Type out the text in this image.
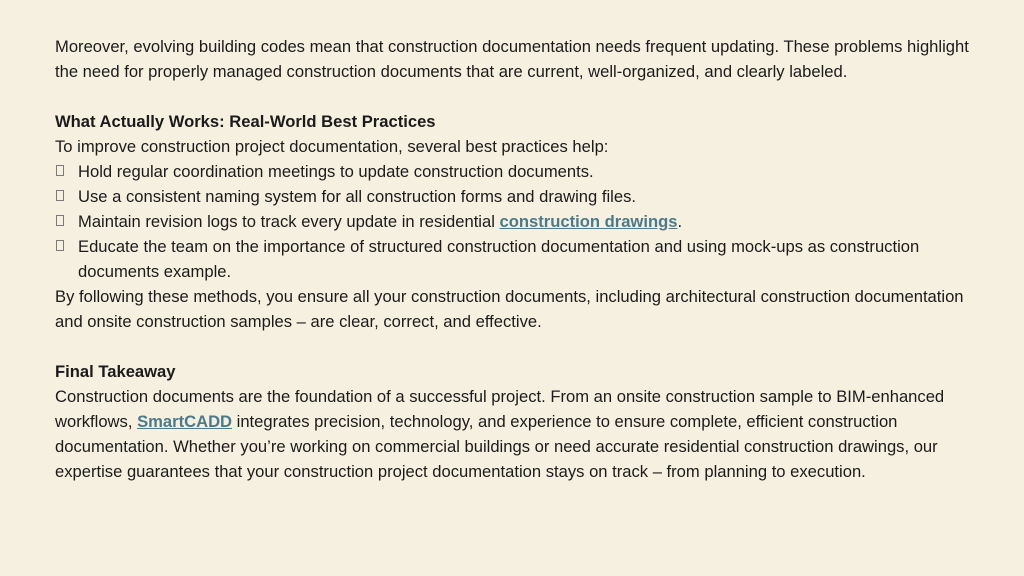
Moreover, evolving building codes mean that construction documentation needs frequent updating. These problems highlight the need for properly managed construction documents that are current, well-organized, and clearly labeled.

What Actually Works: Real-World Best Practices

To improve construction project documentation, several best practices help:

Hold regular coordination meetings to update construction documents.
Use a consistent naming system for all construction forms and drawing files.
Maintain revision logs to track every update in residential construction drawings.
Educate the team on the importance of structured construction documentation and using mock-ups as construction documents example.

By following these methods, you ensure all your construction documents, including architectural construction documentation and onsite construction samples – are clear, correct, and effective.

Final Takeaway

Construction documents are the foundation of a successful project. From an onsite construction sample to BIM-enhanced workflows, SmartCADD integrates precision, technology, and experience to ensure complete, efficient construction documentation. Whether you’re working on commercial buildings or need accurate residential construction drawings, our expertise guarantees that your construction project documentation stays on track – from planning to execution.
